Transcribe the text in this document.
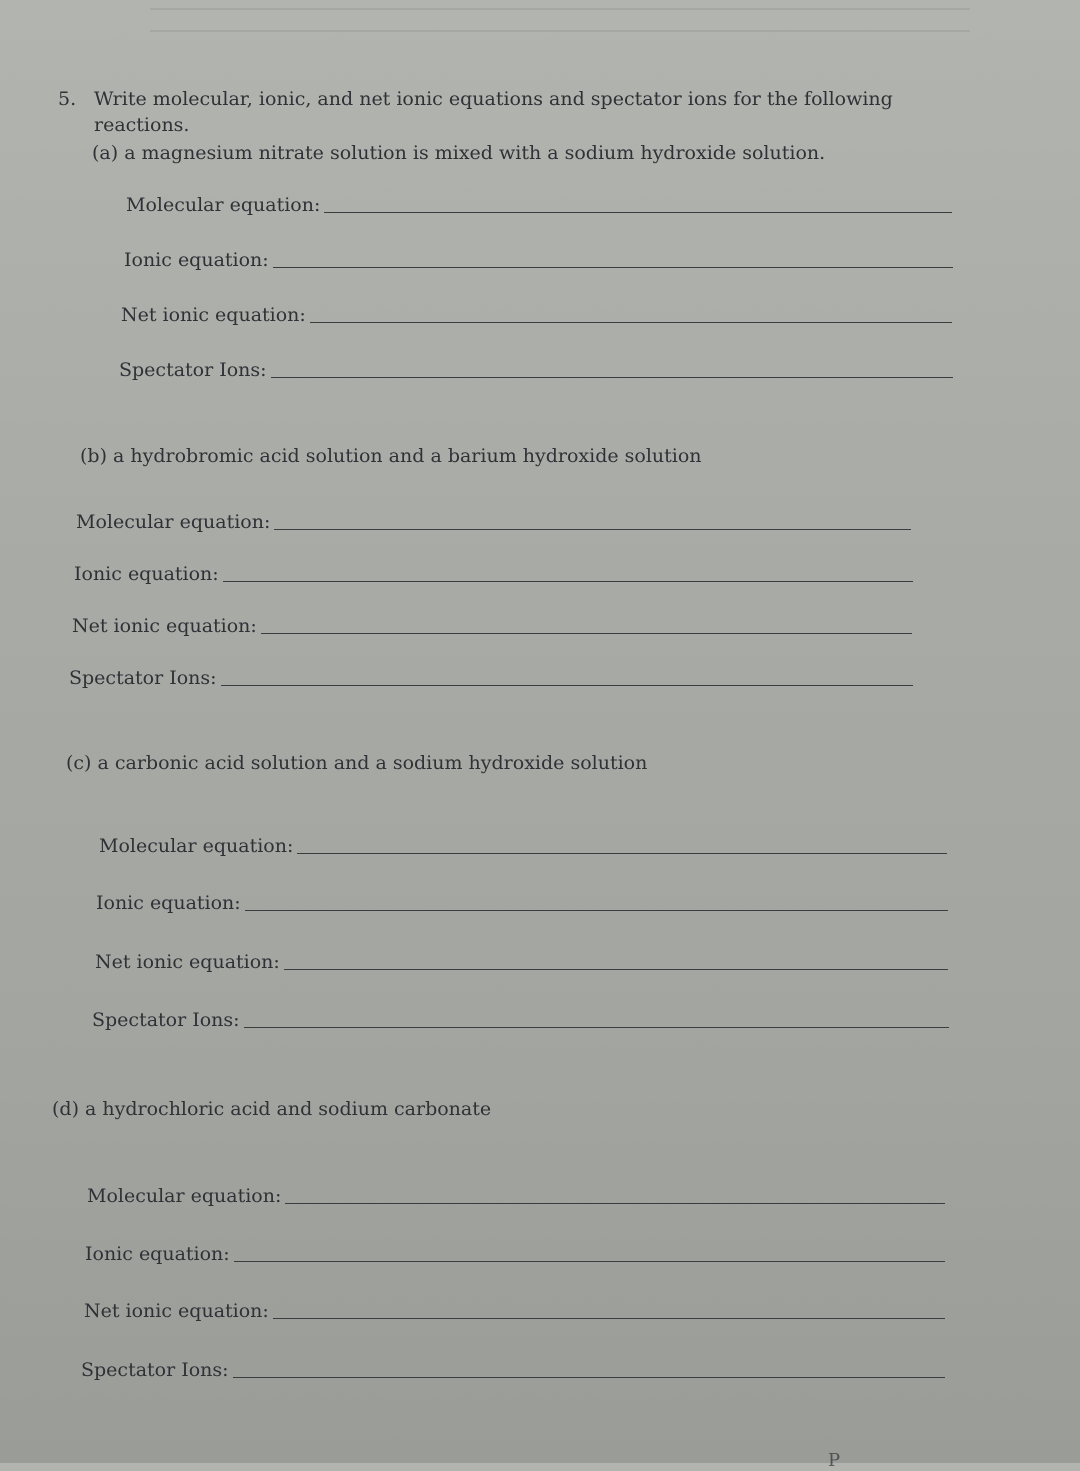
5. Write molecular, ionic, and net ionic equations and spectator ions for the following reactions.
(a) a magnesium nitrate solution is mixed with a sodium hydroxide solution.
Molecular equation:
Ionic equation:
Net ionic equation:
Spectator Ions:
(b) a hydrobromic acid solution and a barium hydroxide solution
Molecular equation:
Ionic equation:
Net ionic equation:
Spectator Ions:
(c) a carbonic acid solution and a sodium hydroxide solution
Molecular equation:
Ionic equation:
Net ionic equation:
Spectator Ions:
(d) a hydrochloric acid and sodium carbonate
Molecular equation:
Ionic equation:
Net ionic equation:
Spectator Ions:
P
